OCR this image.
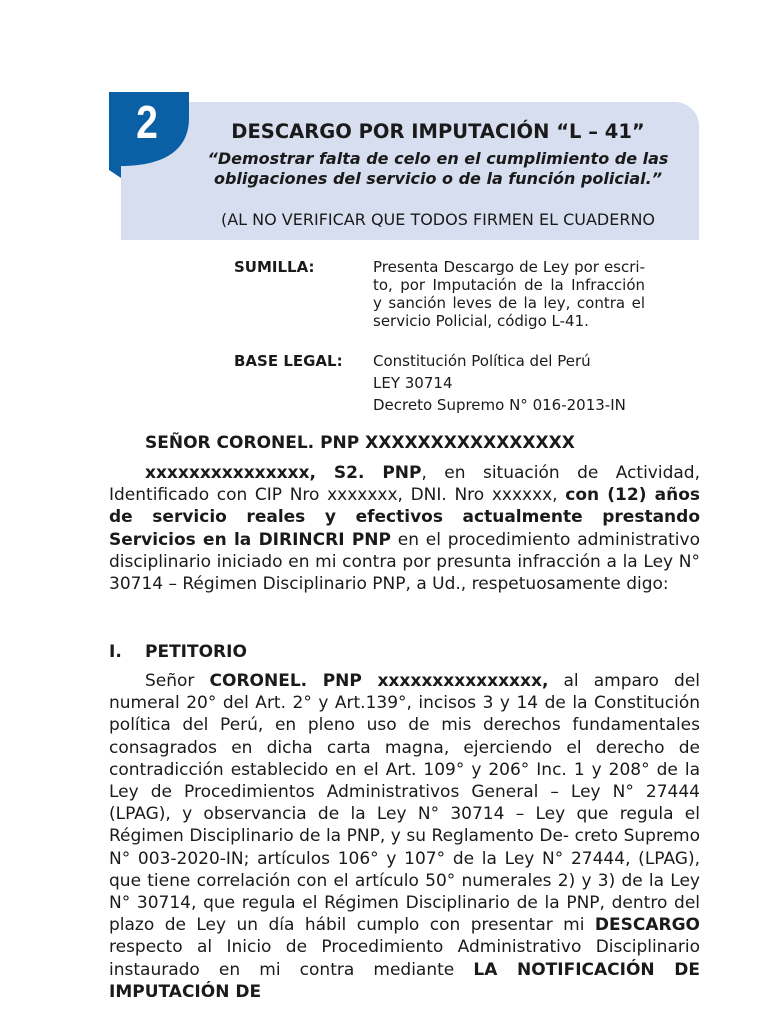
2	DESCARGO POR IMPUTACIÓN “L – 41”
“Demostrar falta de celo en el cumplimiento de las obligaciones del servicio o de la función policial.”
(AL NO VERIFICAR QUE TODOS FIRMEN EL CUADERNO
SUMILLA:	Presenta Descargo de Ley por escri- to, por Imputación de la Infracción y sanción leves de la ley, contra el servicio Policial, código L-41.
BASE LEGAL: Constitución Política del Perú
LEY 30714
Decreto Supremo N° 016-2013-IN
SEÑOR CORONEL. PNP XXXXXXXXXXXXXXXX
xxxxxxxxxxxxxxx, S2. PNP, en situación de Actividad, Identificado con CIP Nro xxxxxxx, DNI. Nro xxxxxx, con (12) años de servicio reales y efectivos actualmente prestando Servicios en la DIRINCRI PNP en el procedimiento administrativo disciplinario iniciado en mi contra por presunta infracción a la Ley N° 30714 – Régimen Disciplinario PNP, a Ud., respetuosamente digo:
I. PETITORIO
Señor CORONEL. PNP xxxxxxxxxxxxxxx, al amparo del numeral 20° del Art. 2° y Art.139°, incisos 3 y 14 de la Constitución política del Perú, en pleno uso de mis derechos fundamentales consagrados en dicha carta magna, ejerciendo el derecho de contradicción establecido en el Art. 109° y 206° Inc. 1 y 208° de la Ley de Procedimientos Administrativos General – Ley N° 27444 (LPAG), y observancia de la Ley N° 30714 – Ley que regula el Régimen Disciplinario de la PNP, y su Reglamento De- creto Supremo N° 003-2020-IN; artículos 106° y 107° de la Ley N° 27444, (LPAG), que tiene correlación con el artículo 50° numerales 2) y 3) de la Ley N° 30714, que regula el Régimen Disciplinario de la PNP, dentro del plazo de Ley un día hábil cumplo con presentar mi DESCARGO respecto al Inicio de Procedimiento Administrativo Disciplinario instaurado en mi contra mediante LA NOTIFICACIÓN DE IMPUTACIÓN DE
